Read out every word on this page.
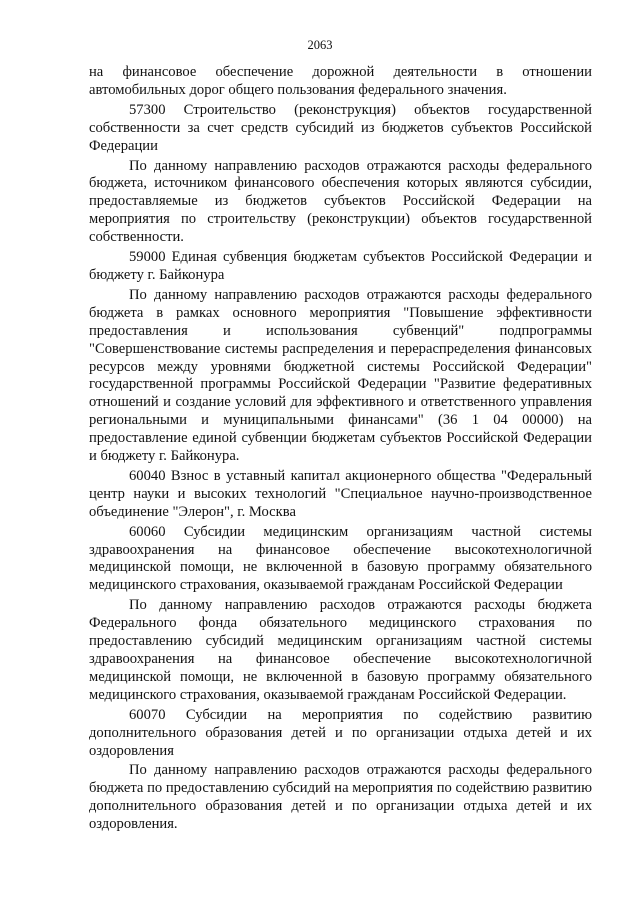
2063

на финансовое обеспечение дорожной деятельности в отношении автомобильных дорог общего пользования федерального значения.

57300 Строительство (реконструкция) объектов государственной собственности за счет средств субсидий из бюджетов субъектов Российской Федерации

По данному направлению расходов отражаются расходы федерального бюджета, источником финансового обеспечения которых являются субсидии, предоставляемые из бюджетов субъектов Российской Федерации на мероприятия по строительству (реконструкции) объектов государственной собственности.

59000 Единая субвенция бюджетам субъектов Российской Федерации и бюджету г. Байконура

По данному направлению расходов отражаются расходы федерального бюджета в рамках основного мероприятия "Повышение эффективности предоставления и использования субвенций" подпрограммы "Совершенствование системы распределения и перераспределения финансовых ресурсов между уровнями бюджетной системы Российской Федерации" государственной программы Российской Федерации "Развитие федеративных отношений и создание условий для эффективного и ответственного управления региональными и муниципальными финансами" (36 1 04 00000) на предоставление единой субвенции бюджетам субъектов Российской Федерации и бюджету г. Байконура.

60040 Взнос в уставный капитал акционерного общества "Федеральный центр науки и высоких технологий "Специальное научно-производственное объединение "Элерон", г. Москва

60060 Субсидии медицинским организациям частной системы здравоохранения на финансовое обеспечение высокотехнологичной медицинской помощи, не включенной в базовую программу обязательного медицинского страхования, оказываемой гражданам Российской Федерации

По данному направлению расходов отражаются расходы бюджета Федерального фонда обязательного медицинского страхования по предоставлению субсидий медицинским организациям частной системы здравоохранения на финансовое обеспечение высокотехнологичной медицинской помощи, не включенной в базовую программу обязательного медицинского страхования, оказываемой гражданам Российской Федерации.

60070 Субсидии на мероприятия по содействию развитию дополнительного образования детей и по организации отдыха детей и их оздоровления

По данному направлению расходов отражаются расходы федерального бюджета по предоставлению субсидий на мероприятия по содействию развитию дополнительного образования детей и по организации отдыха детей и их оздоровления.
